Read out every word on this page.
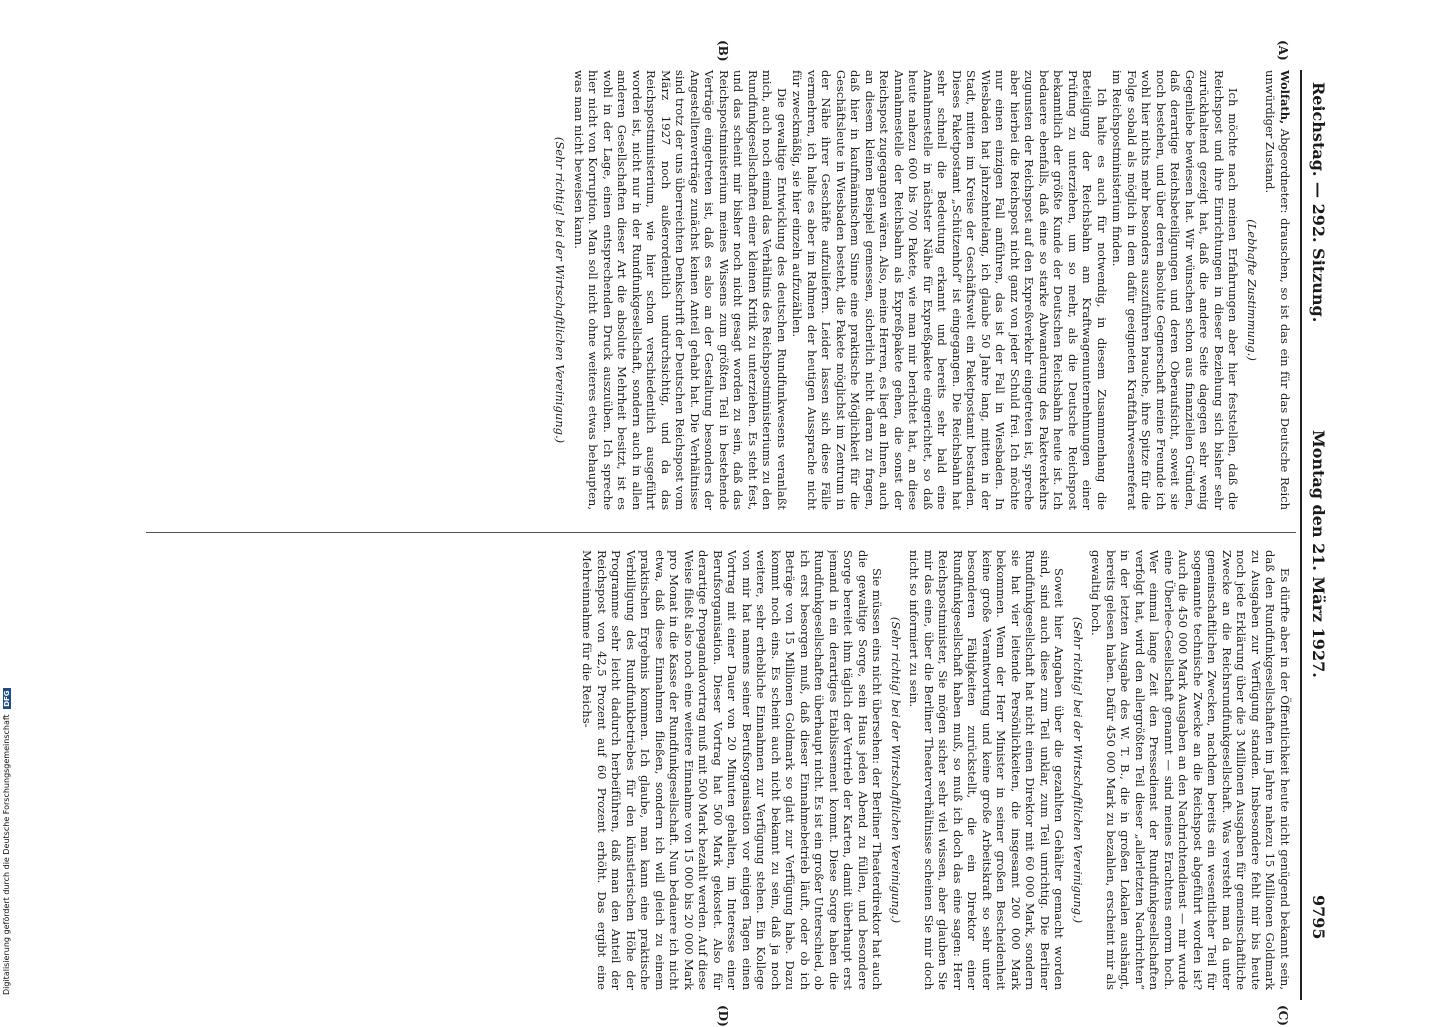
Reichstag. — 292. Sitzung.
Montag den 21. März 1927.
9795
(A)
(B)
(C)
(D)

Wolfath, Abgeordneter: drauschen, so ist das ein für das Deutsche Reich unwürdiger Zustand.

(Lebhafte Zustimmung.)

Ich möchte nach meinen Erfahrungen aber hier feststellen, daß die Reichspost und ihre Einrichtungen in dieser Beziehung sich bisher sehr zurückhaltend gezeigt hat, daß die andere Seite dagegen sehr wenig Gegenliebe bewiesen hat. Wir wünschen schon aus finanziellen Gründen, daß derartige Reichsbeteiligungen und deren Oberaufsicht, soweit sie noch bestehen, und über deren absolute Gegnerschaft meine Freunde ich wohl hier nichts mehr besonders auszuführen brauche, ihre Spitze für die Folge sobald als möglich in dem dafür geeigneten Kraftfahrwesenreferat im Reichspostministerium finden.

Ich halte es auch für notwendig, in diesem Zusammenhang die Beteiligung der Reichsbahn am Kraftwagenunternehmungen einer Prüfung zu unterziehen, um so mehr, als die Deutsche Reichspost bekanntlich der größte Kunde der Deutschen Reichsbahn heute ist. Ich bedauere ebenfalls, daß eine so starke Abwanderung des Paketverkehrs zugunsten der Reichspost auf den Expreßverkehr eingetreten ist, spreche aber hierbei die Reichspost nicht ganz von jeder Schuld frei. Ich möchte nur einen einzigen Fall anführen, das ist der Fall in Wiesbaden. In Wiesbaden hat jahrzehntelang, ich glaube 50 Jahre lang, mitten in der Stadt, mitten im Kreise der Geschäftswelt ein Paketpostamt bestanden. Dieses Paketpostamt „Schützenhof“ ist eingegangen. Die Reichsbahn hat sehr schnell die Bedeutung erkannt und bereits sehr bald eine Annahmestelle in nächster Nähe für Expreßpakete eingerichtet, so daß heute nahezu 600 bis 700 Pakete, wie man mir berichtet hat, an diese Annahmestelle der Reichsbahn als Expreßpakete gehen, die sonst der Reichspost zugegangen wären. Also, meine Herren, es liegt an Ihnen, auch an diesem kleinen Beispiel gemessen, sicherlich nicht daran zu fragen, daß hier in kaufmännischem Sinne eine praktische Möglichkeit für die Geschäftsleute in Wiesbaden besteht, die Pakete möglichst im Zentrum in der Nähe ihrer Geschäfte aufzuliefern. Leider lassen sich diese Fälle vermehren, ich halte es aber im Rahmen der heutigen Aussprache nicht für zweckmäßig, sie hier einzeln aufzuzählen.

Die gewaltige Entwicklung des deutschen Rundfunkwesens veranlaßt mich, auch noch einmal das Verhältnis des Reichspostministeriums zu den Rundfunkgesellschaften einer kleinen Kritik zu unterziehen. Es steht fest, und das scheint mir bisher noch nicht gesagt worden zu sein, daß das Reichspostministerium meines Wissens zum größten Teil in bestehende Verträge eingetreten ist, daß es also an der Gestaltung besonders der Angestelltenverträge zunächst keinen Anteil gehabt hat. Die Verhältnisse sind trotz der uns überreichten Denkschrift der Deutschen Reichspost vom März 1927 noch außerordentlich undurchsichtig, und da das Reichspostministerium, wie hier schon verschiedentlich ausgeführt worden ist, nicht nur in der Rundfunkgesellschaft, sondern auch in allen anderen Gesellschaften dieser Art die absolute Mehrheit besitzt, ist es wohl in der Lage, einen entsprechenden Druck auszuüben. Ich spreche hier nicht von Korruption. Man soll nicht ohne weiteres etwas behaupten, was man nicht beweisen kann.

(Sehr richtig! bei der Wirtschaftlichen Vereinigung.)

Es dürfte aber in der Öffentlichkeit heute nicht genügend bekannt sein, daß den Rundfunkgesellschaften im Jahre nahezu 15 Millionen Goldmark zu Ausgaben zur Verfügung standen. Insbesondere fehlt mir bis heute noch jede Erklärung über die 3 Millionen Ausgaben für gemeinschaftliche Zwecke an die Reichsrundfunkgesellschaft. Was versteht man da unter gemeinschaftlichen Zwecken, nachdem bereits ein wesentlicher Teil für sogenannte technische Zwecke an die Reichspost abgeführt worden ist? Auch die 450 000 Mark Ausgaben an den Nachrichtendienst — mir wurde eine Überlee-Gesellschaft genannt — sind meines Erachtens enorm hoch. Wer einmal lange Zeit den Pressedienst der Rundfunkgesellschaften verfolgt hat, wird den allergrößten Teil dieser „allerletzten Nachrichten“ in der letzten Ausgabe des W. T. B., die in großen Lokalen aushängt, bereits gelesen haben. Dafür 450 000 Mark zu bezahlen, erscheint mir als gewaltig hoch.

(Sehr richtig! bei der Wirtschaftlichen Vereinigung.)

Soweit hier Angaben über die gezahlten Gehälter gemacht worden sind, sind auch diese zum Teil unklar, zum Teil unrichtig. Die Berliner Rundfunkgesellschaft hat nicht einen Direktor mit 60 000 Mark, sondern sie hat vier leitende Persönlichkeiten, die insgesamt 200 000 Mark bekommen. Wenn der Herr Minister in seiner großen Bescheidenheit keine große Verantwortung und keine große Arbeitskraft so sehr unter besonderen Fähigkeiten zurückstellt, die ein Direktor einer Rundfunkgesellschaft haben muß, so muß ich doch das eine sagen: Herr Reichspostminister, Sie mögen sicher sehr viel wissen, aber glauben Sie mir das eine, über die Berliner Theaterverhältnisse scheinen Sie mir doch nicht so informiert zu sein.

(Sehr richtig! bei der Wirtschaftlichen Vereinigung.)

Sie müssen eins nicht übersehen: der Berliner Theaterdirektor hat auch die gewaltige Sorge, sein Haus jeden Abend zu füllen, und besondere Sorge bereitet ihm täglich der Vertrieb der Karten, damit überhaupt erst jemand in ein derartiges Etablissement kommt. Diese Sorge haben die Rundfunkgesellschaften überhaupt nicht. Es ist ein großer Unterschied, ob ich erst besorgen muß, daß dieser Einnahmebetrieb läuft, oder ob ich Beträge von 15 Millionen Goldmark so glatt zur Verfügung habe. Dazu kommt noch eins. Es scheint auch nicht bekannt zu sein, daß ja noch weitere, sehr erhebliche Einnahmen zur Verfügung stehen. Ein Kollege von mir hat namens seiner Berufsorganisation vor einigen Tagen einen Vortrag mit einer Dauer von 20 Minuten gehalten, im Interesse einer Berufsorganisation. Dieser Vortrag hat 500 Mark gekostet. Also für derartige Propagandavortrag muß mit 500 Mark bezahlt werden. Auf diese Weise fließt also noch eine weitere Einnahme von 15 000 bis 20 000 Mark pro Monat in die Kasse der Rundfunkgesellschaft. Nun bedauere ich nicht etwa, daß diese Einnahmen fließen, sondern ich will gleich zu einem praktischen Ergebnis kommen. Ich glaube, man kann eine praktische Verbilligung des Rundfunkbetriebes für den künstlerischen Höhe der Programme sehr leicht dadurch herbeiführen, daß man den Anteil der Reichspost von 42,5 Prozent auf 60 Prozent erhöht. Das ergibt eine Mehreinnahme für die Reichs-

Digitalisierung gefördert durch die Deutsche Forschungsgemeinschaft DFG
